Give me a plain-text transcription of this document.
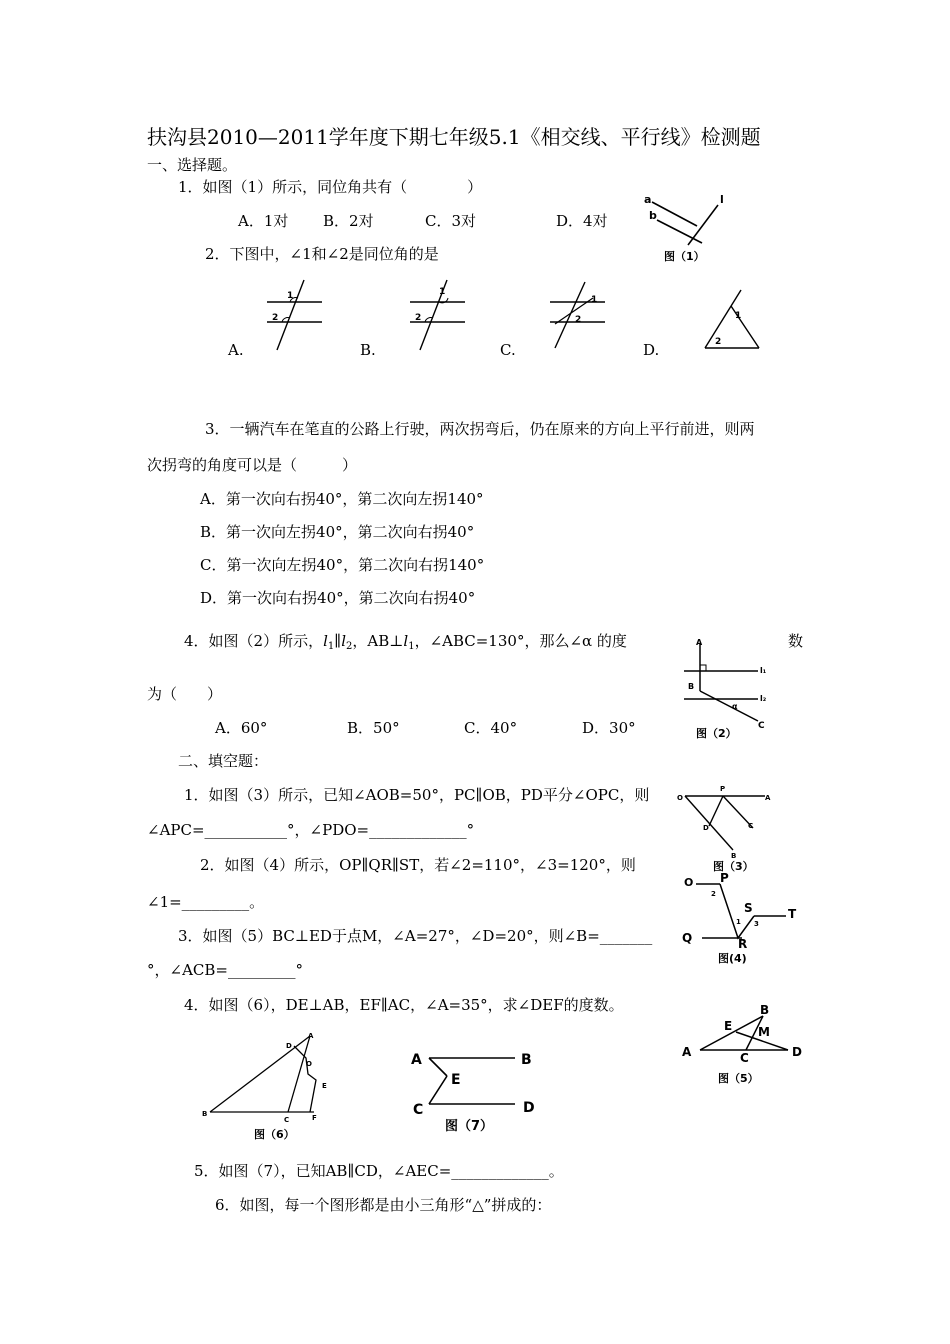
扶沟县2010—2011学年度下期七年级5.1《相交线、平行线》检测题
一、选择题。
1．如图（1）所示，同位角共有（　　　　）
A．1对 B．2对	C．3对	D．4对
a
b
l
图（1）
2．下图中，∠1和∠2是同位角的是
1
2
1
2
1
2	1
2
A.	B.	C.	D.
3．一辆汽车在笔直的公路上行驶，两次拐弯后，仍在原来的方向上平行前进，则两
次拐弯的角度可以是（　　　）
A．第一次向右拐40°，第二次向左拐140°
B．第一次向左拐40°，第二次向右拐40°
C．第一次向左拐40°，第二次向右拐140°
D．第一次向右拐40°，第二次向右拐40°
4．如图（2）所示，$l_1\parallel l_2$，$AB\perp l_1$，∠ABC=130°，那么∠α 的度	数
为（　　）
A．60°	B．50°	C．40°	D．30°
A
B
C
l₁
l₂
α
图（2）
二、填空题：
1．如图（3）所示，已知∠AOB=50°，PC∥OB，PD平分∠OPC，则
∠APC=___________°，∠PDO=_____________°
O
P
A
B
C
D
图（3）
2．如图（4）所示，OP∥QR∥ST，若∠2=110°，∠3=120°，则
∠1=_________。
O P
Q	R
S	T
2
1 3
图(4)
3．如图（5）BC⊥ED于点M，∠A=27°，∠D=20°，则∠B=_______
°，∠ACB=_________°
4．如图（6），DE⊥AB，EF∥AC，∠A=35°，求∠DEF的度数。
A
B
C	D
E M
图（5）
A
B
C
D
E
F
O
图（6）
A	B
E
C	D
图（7）
5．如图（7），已知AB∥CD，∠AEC=_____________。
6．如图，每一个图形都是由小三角形“△”拼成的：
